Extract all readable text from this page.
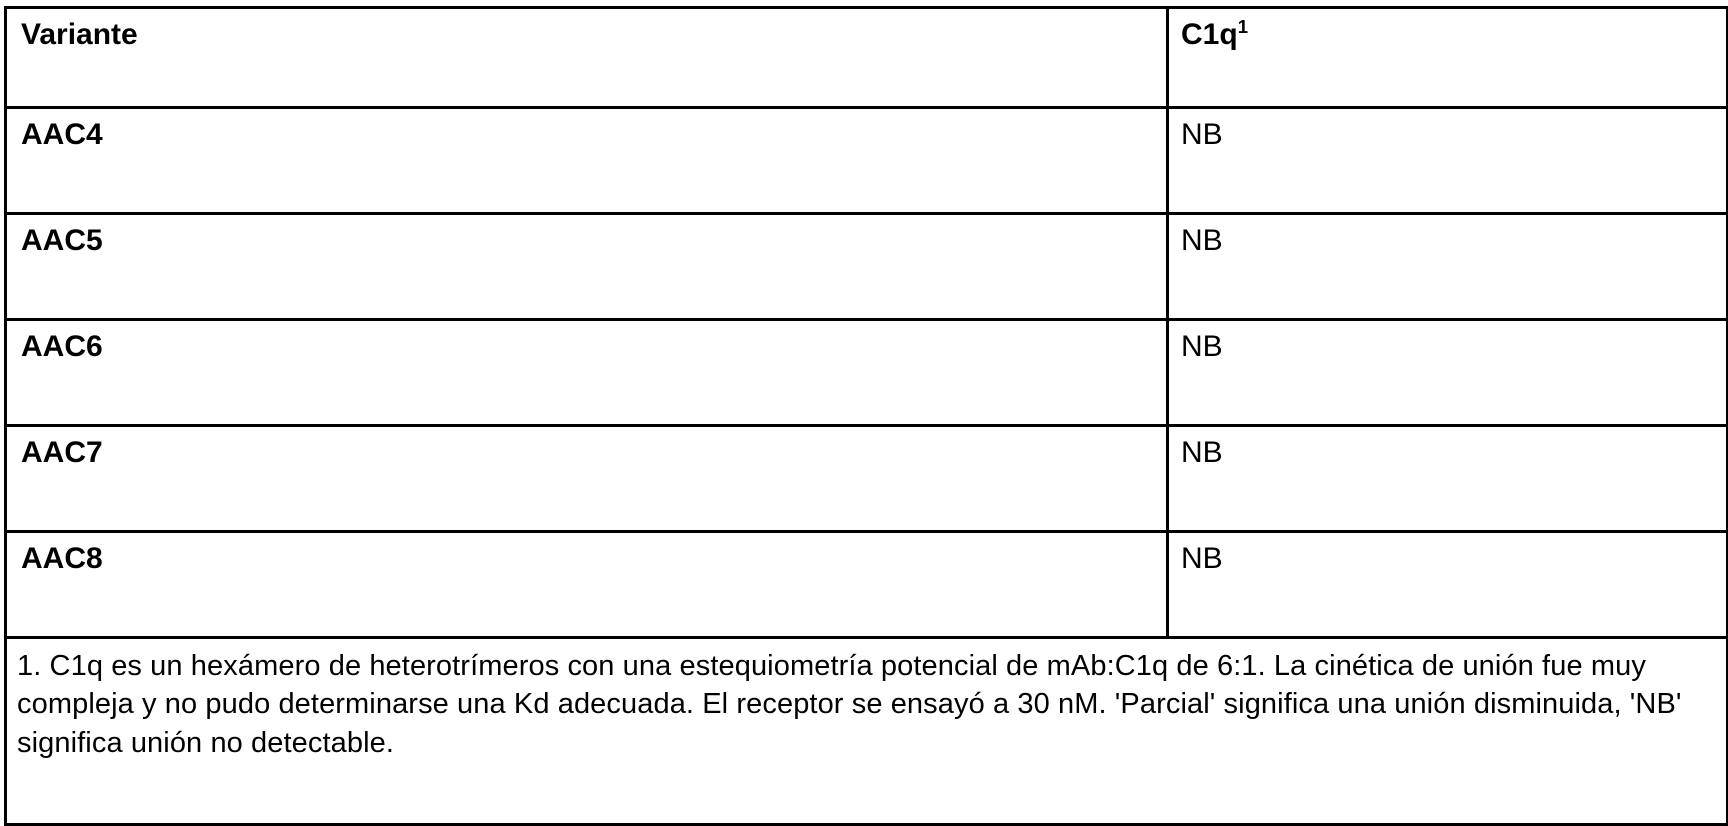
Variante	$C1q^1$
AAC4	NB
AAC5	NB
AAC6	NB
AAC7	NB
AAC8	NB

1. C1q es un hexámero de heterotrímeros con una estequiometría potencial de mAb:C1q de 6:1. La cinética de unión fue muy compleja y no pudo determinarse una Kd adecuada. El receptor se ensayó a 30 nM. 'Parcial' significa una unión disminuida, 'NB' significa unión no detectable.	
